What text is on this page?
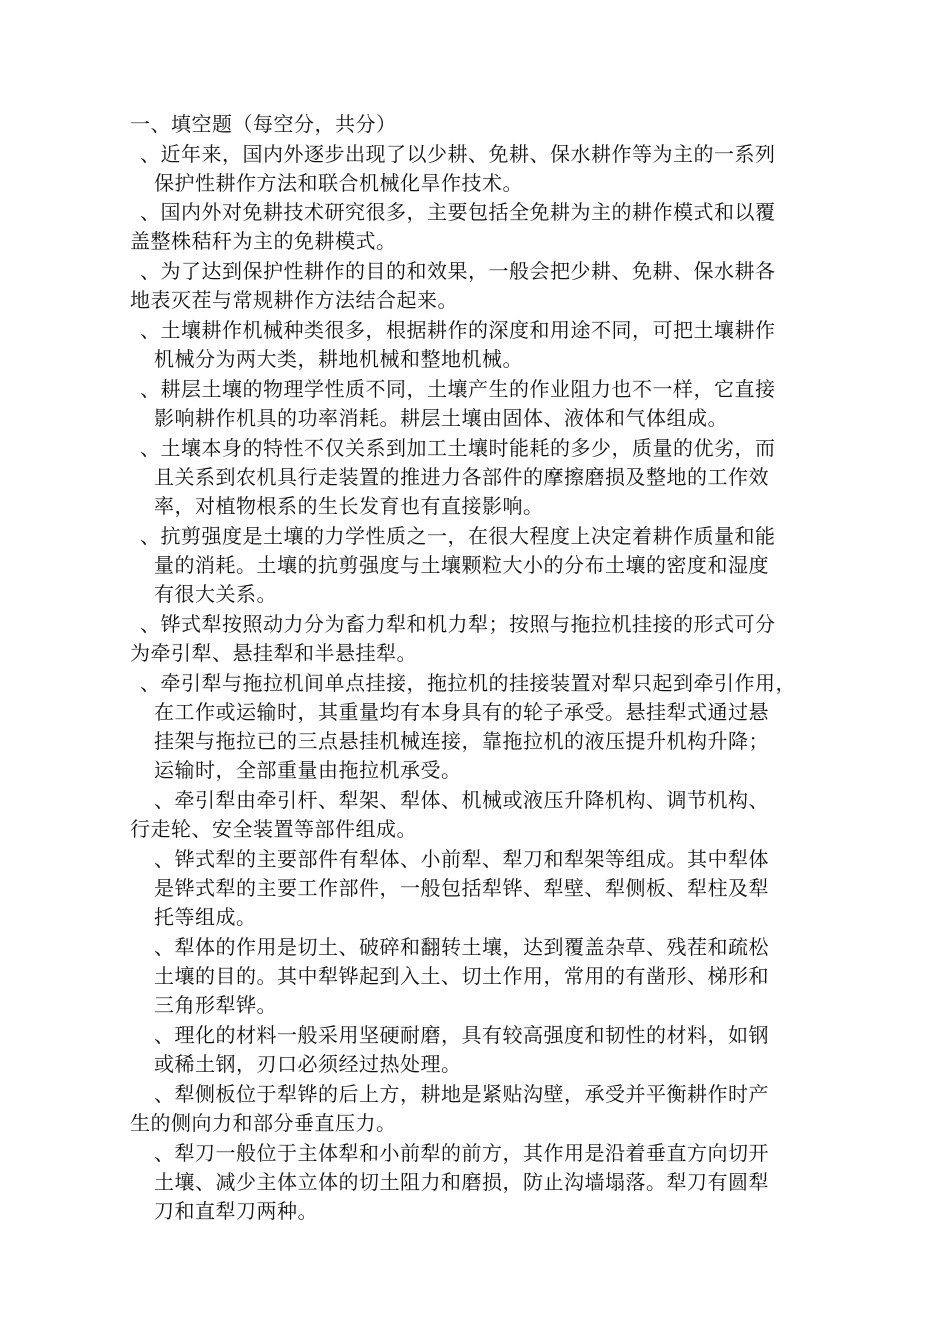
一、填空题（每空分，共分）
、近年来，国内外逐步出现了以少耕、免耕、保水耕作等为主的一系列
保护性耕作方法和联合机械化旱作技术。
、国内外对免耕技术研究很多，主要包括全免耕为主的耕作模式和以覆
盖整株秸秆为主的免耕模式。
、为了达到保护性耕作的目的和效果，一般会把少耕、免耕、保水耕各
地表灭茬与常规耕作方法结合起来。
、土壤耕作机械种类很多，根据耕作的深度和用途不同，可把土壤耕作
机械分为两大类，耕地机械和整地机械。
、耕层土壤的物理学性质不同，土壤产生的作业阻力也不一样，它直接
影响耕作机具的功率消耗。耕层土壤由固体、液体和气体组成。
、土壤本身的特性不仅关系到加工土壤时能耗的多少，质量的优劣，而
且关系到农机具行走装置的推进力各部件的摩擦磨损及整地的工作效
率，对植物根系的生长发育也有直接影响。
、抗剪强度是土壤的力学性质之一，在很大程度上决定着耕作质量和能
量的消耗。土壤的抗剪强度与土壤颗粒大小的分布土壤的密度和湿度
有很大关系。
、铧式犁按照动力分为畜力犁和机力犁；按照与拖拉机挂接的形式可分
为牵引犁、悬挂犁和半悬挂犁。
、牵引犁与拖拉机间单点挂接，拖拉机的挂接装置对犁只起到牵引作用，
在工作或运输时，其重量均有本身具有的轮子承受。悬挂犁式通过悬
挂架与拖拉已的三点悬挂机械连接，靠拖拉机的液压提升机构升降；
运输时，全部重量由拖拉机承受。
、牵引犁由牵引杆、犁架、犁体、机械或液压升降机构、调节机构、
行走轮、安全装置等部件组成。
、铧式犁的主要部件有犁体、小前犁、犁刀和犁架等组成。其中犁体
是铧式犁的主要工作部件，一般包括犁铧、犁壁、犁侧板、犁柱及犁
托等组成。
、犁体的作用是切土、破碎和翻转土壤，达到覆盖杂草、残茬和疏松
土壤的目的。其中犁铧起到入土、切土作用，常用的有凿形、梯形和
三角形犁铧。
、理化的材料一般采用坚硬耐磨，具有较高强度和韧性的材料，如钢
或稀土钢，刃口必须经过热处理。
、犁侧板位于犁铧的后上方，耕地是紧贴沟壁，承受并平衡耕作时产
生的侧向力和部分垂直压力。
、犁刀一般位于主体犁和小前犁的前方，其作用是沿着垂直方向切开
土壤、减少主体立体的切土阻力和磨损，防止沟墙塌落。犁刀有圆犁
刀和直犁刀两种。
